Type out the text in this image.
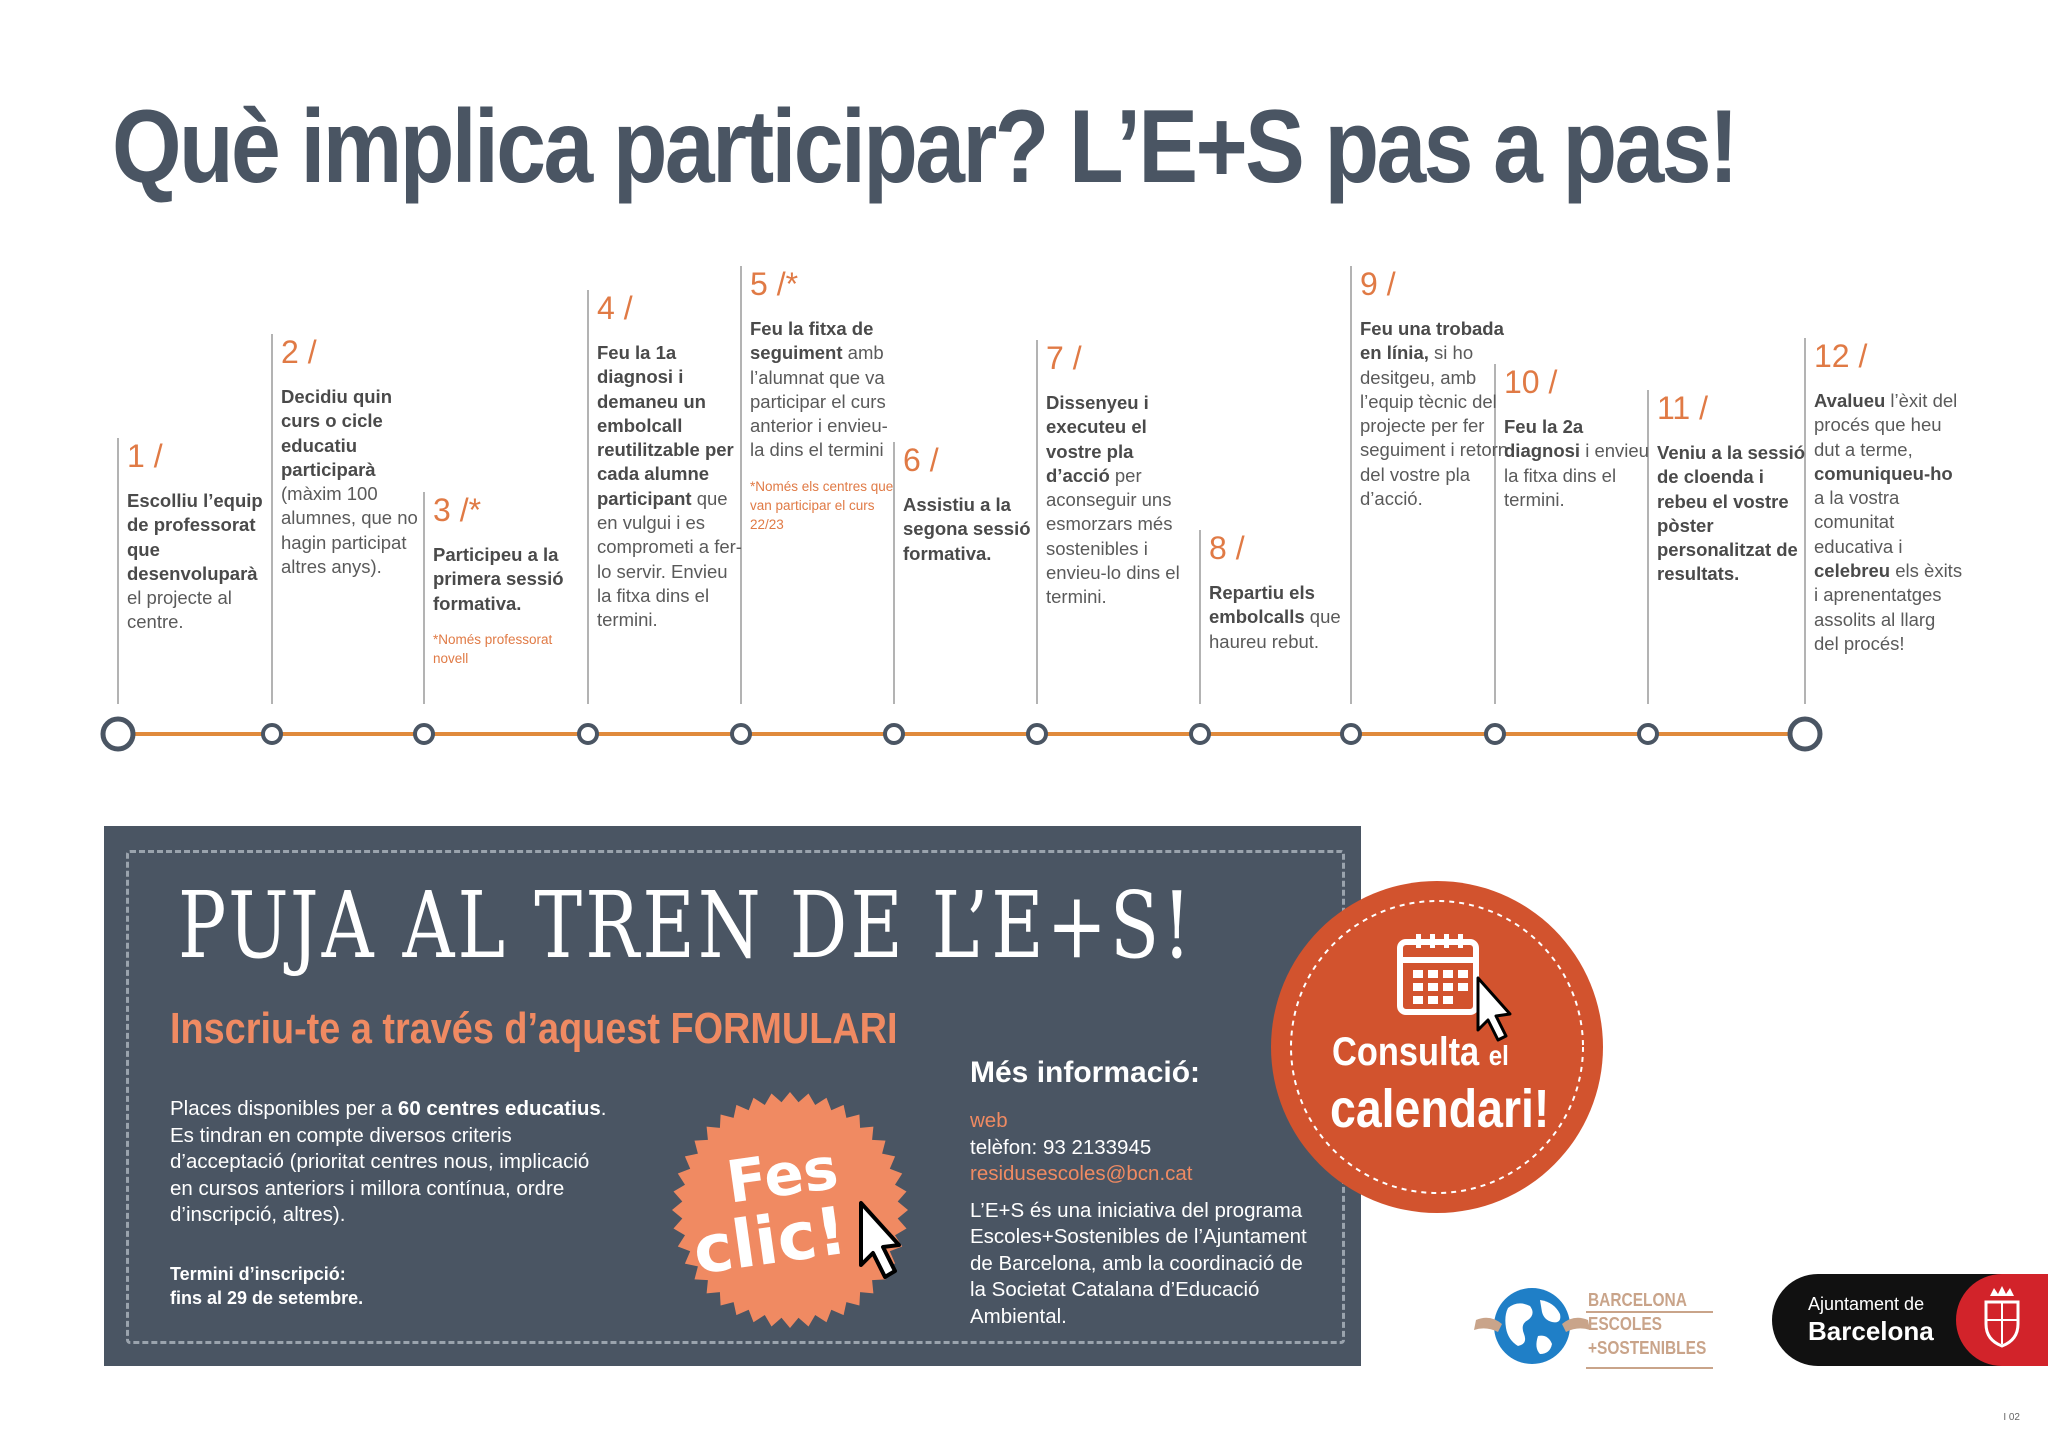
Què implica participar? L’E+S pas a pas!
1 /
Escolliu l’equip de professorat que desenvoluparà el projecte al centre.
2 /
Decidiu quin curs o cicle educatiu participarà (màxim 100 alumnes, que no hagin participat altres anys).
3 /*
Participeu a la primera sessió formativa.
*Només professorat novell
4 /
Feu la 1a diagnosi i demaneu un embolcall reutilitzable per cada alumne participant que en vulgui i es comprometi a fer-lo servir. Envieu la fitxa dins el termini.
5 /*
Feu la fitxa de seguiment amb l’alumnat que va participar el curs anterior i envieu-la dins el termini
*Només els centres que van participar el curs 22/23
6 /
Assistiu a la segona sessió formativa.
7 /
Dissenyeu i executeu el vostre pla d’acció per aconseguir uns esmorzars més sostenibles i envieu-lo dins el termini.
8 /
Repartiu els embolcalls que haureu rebut.
9 /
Feu una trobada en línia, si ho desitgeu, amb l’equip tècnic del projecte per fer seguiment i retorn del vostre pla d’acció.
10 /
Feu la 2a diagnosi i envieu la fitxa dins el termini.
11 /
Veniu a la sessió de cloenda i rebeu el vostre pòster personalitzat de resultats.
12 /
Avalueu l’èxit del procés que heu dut a terme, comuniqueu-ho a la vostra comunitat educativa i celebreu els èxits i aprenentatges assolits al llarg del procés!
PUJA AL TREN DE L’E+S!
Inscriu-te a través d’aquest FORMULARI
Places disponibles per a 60 centres educatius. Es tindran en compte diversos criteris d’acceptació (prioritat centres nous, implicació en cursos anteriors i millora contínua, ordre d’inscripció, altres).
Termini d’inscripció:
fins al 29 de setembre.
Fes
clic!
Més informació:
web
telèfon: 93 2133945
residusescoles@bcn.cat

L’E+S és una iniciativa del programa Escoles+Sostenibles de l’Ajuntament de Barcelona, amb la coordinació de la Societat Catalana d’Educació Ambiental.

Consulta el
calendari!
BARCELONA
ESCOLES
+SOSTENIBLES
Ajuntament de
Barcelona
I 02
